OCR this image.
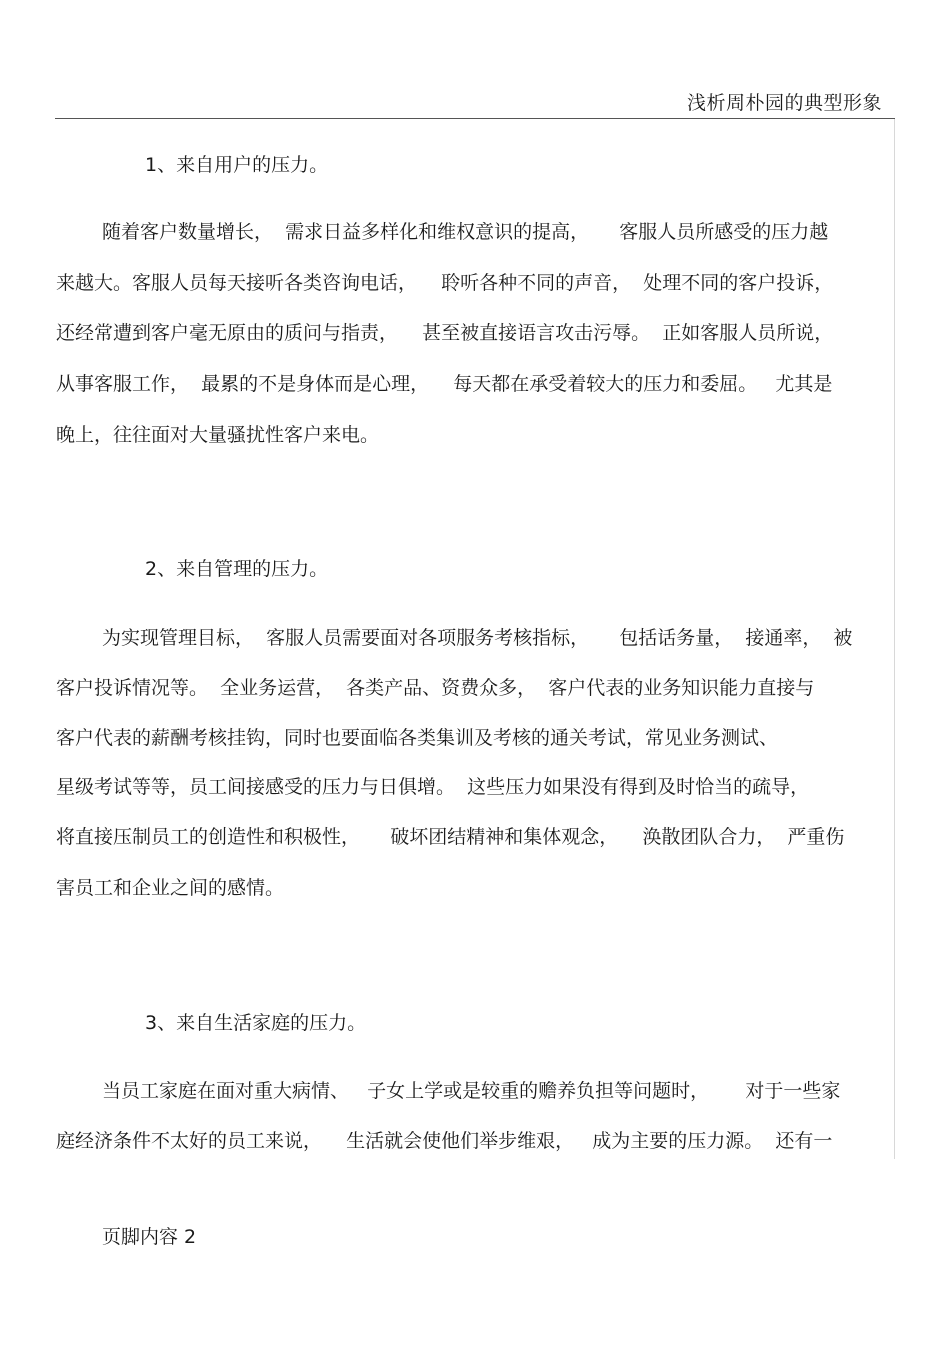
浅析周朴园的典型形象
1、来自用户的压力。
随着客户数量增长，  需求日益多样化和维权意识的提高，     客服人员所感受的压力越
来越大。客服人员每天接听各类咨询电话，    聆听各种不同的声音，  处理不同的客户投诉，
还经常遭到客户毫无原由的质问与指责，    甚至被直接语言攻击污辱。  正如客服人员所说，
从事客服工作，  最累的不是身体而是心理，    每天都在承受着较大的压力和委屈。   尤其是
晚上，往往面对大量骚扰性客户来电。
2、来自管理的压力。
为实现管理目标，  客服人员需要面对各项服务考核指标，     包括话务量，  接通率，  被
客户投诉情况等。  全业务运营，  各类产品、资费众多，  客户代表的业务知识能力直接与
客户代表的薪酬考核挂钩，同时也要面临各类集训及考核的通关考试，常见业务测试、
星级考试等等，员工间接感受的压力与日俱增。  这些压力如果没有得到及时恰当的疏导，
将直接压制员工的创造性和积极性，     破坏团结精神和集体观念，    涣散团队合力，  严重伤
害员工和企业之间的感情。
3、来自生活家庭的压力。
当员工家庭在面对重大病情、   子女上学或是较重的赡养负担等问题时，      对于一些家
庭经济条件不太好的员工来说，    生活就会使他们举步维艰，   成为主要的压力源。  还有一
页脚内容 2
